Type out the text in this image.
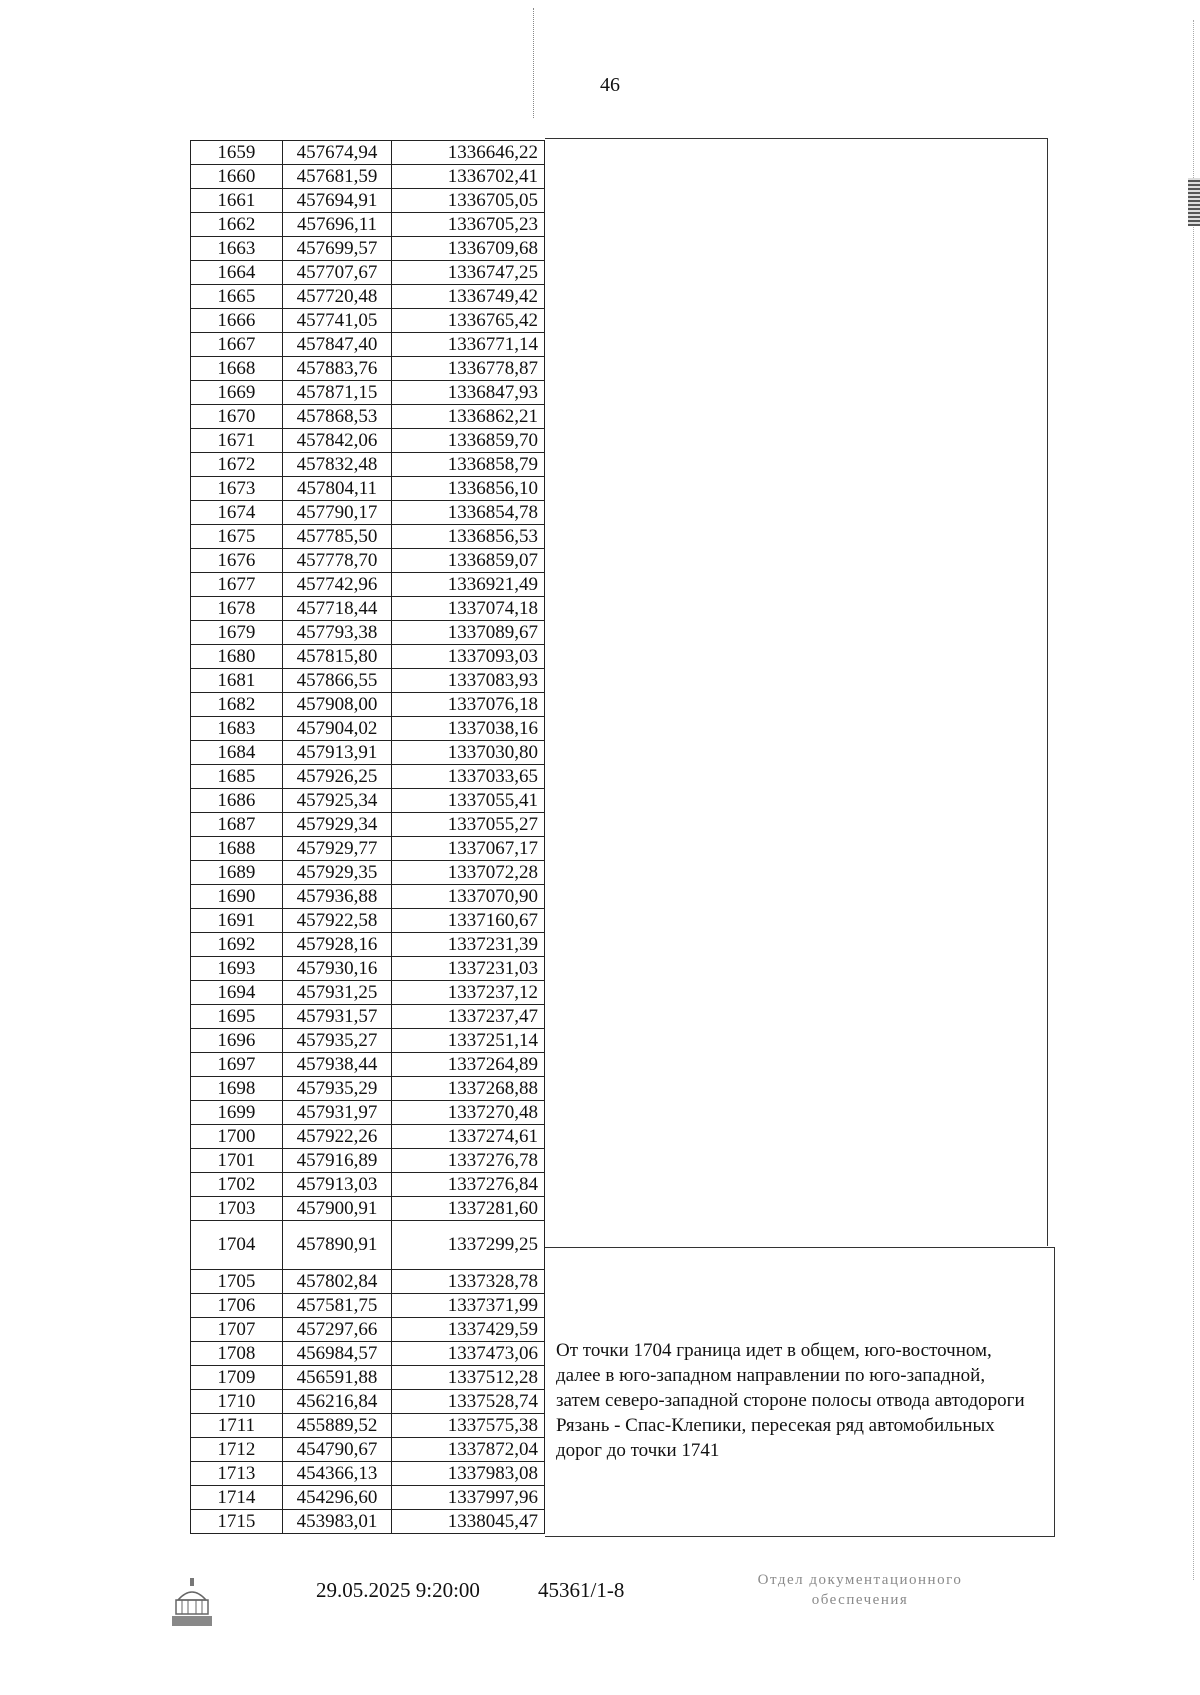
46
1659	457674,94	1336646,22
1660	457681,59	1336702,41
1661	457694,91	1336705,05
1662	457696,11	1336705,23
1663	457699,57	1336709,68
1664	457707,67	1336747,25
1665	457720,48	1336749,42
1666	457741,05	1336765,42
1667	457847,40	1336771,14
1668	457883,76	1336778,87
1669	457871,15	1336847,93
1670	457868,53	1336862,21
1671	457842,06	1336859,70
1672	457832,48	1336858,79
1673	457804,11	1336856,10
1674	457790,17	1336854,78
1675	457785,50	1336856,53
1676	457778,70	1336859,07
1677	457742,96	1336921,49
1678	457718,44	1337074,18
1679	457793,38	1337089,67
1680	457815,80	1337093,03
1681	457866,55	1337083,93
1682	457908,00	1337076,18
1683	457904,02	1337038,16
1684	457913,91	1337030,80
1685	457926,25	1337033,65
1686	457925,34	1337055,41
1687	457929,34	1337055,27
1688	457929,77	1337067,17
1689	457929,35	1337072,28
1690	457936,88	1337070,90
1691	457922,58	1337160,67
1692	457928,16	1337231,39
1693	457930,16	1337231,03
1694	457931,25	1337237,12
1695	457931,57	1337237,47
1696	457935,27	1337251,14
1697	457938,44	1337264,89
1698	457935,29	1337268,88
1699	457931,97	1337270,48
1700	457922,26	1337274,61
1701	457916,89	1337276,78
1702	457913,03	1337276,84
1703	457900,91	1337281,60
1704	457890,91	1337299,25
1705	457802,84	1337328,78
1706	457581,75	1337371,99
1707	457297,66	1337429,59
1708	456984,57	1337473,06
1709	456591,88	1337512,28
1710	456216,84	1337528,74
1711	455889,52	1337575,38
1712	454790,67	1337872,04
1713	454366,13	1337983,08
1714	454296,60	1337997,96
1715	453983,01	1338045,47
От точки 1704 граница идет в общем, юго-восточном, далее в юго-западном направлении по юго-западной, затем северо-западной стороне полосы отвода автодороги Рязань - Спас-Клепики, пересекая ряд автомобильных дорог до точки 1741
29.05.2025 9:20:00	45361/1-8	Отдел документационного
обеспечения
